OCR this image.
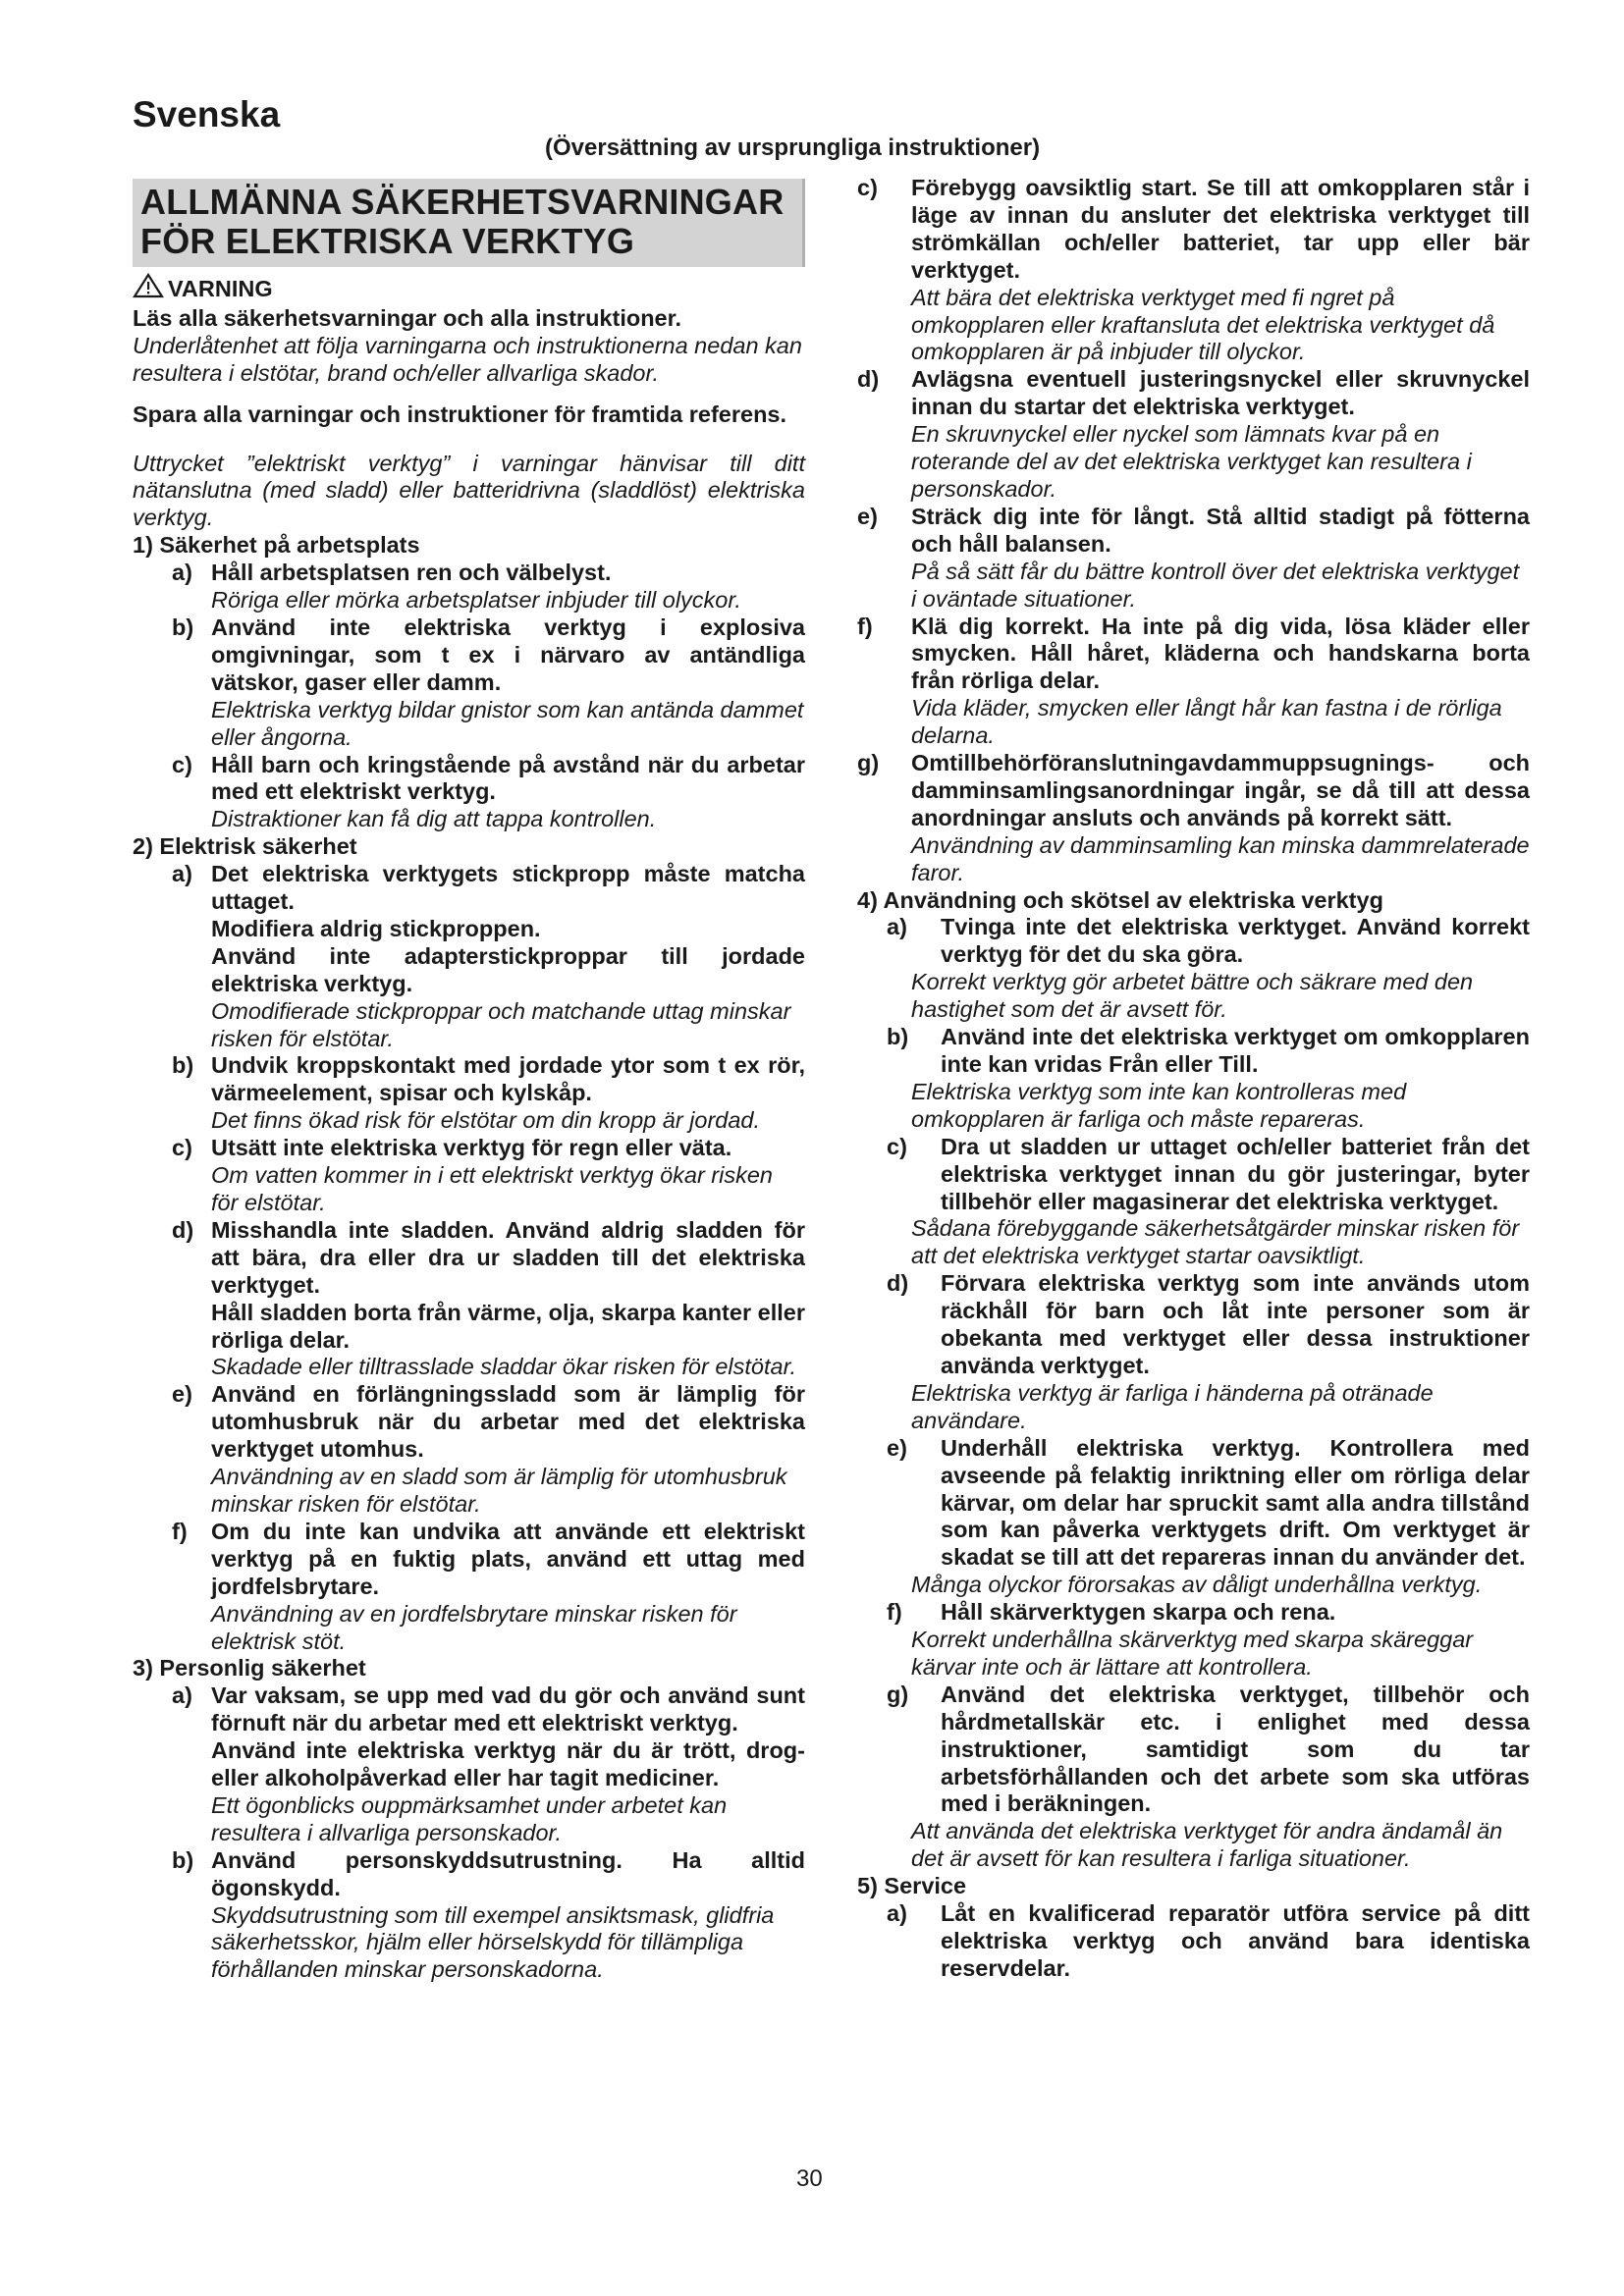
Svenska
(Översättning av ursprungliga instruktioner)
ALLMÄNNA SÄKERHETSVARNINGAR
FÖR ELEKTRISKA VERKTYG
VARNING

Läs alla säkerhetsvarningar och alla instruktioner.

Underlåtenhet att följa varningarna och instruktionerna nedan kan resultera i elstötar, brand och/eller allvarliga skador.

Spara alla varningar och instruktioner för framtida referens.

Uttrycket ”elektriskt verktyg” i varningar hänvisar till ditt nätanslutna (med sladd) eller batteridrivna (sladdlöst) elektriska verktyg.

1) Säkerhet på arbetsplats

a) Håll arbetsplatsen ren och välbelyst.

Röriga eller mörka arbetsplatser inbjuder till olyckor.

b) Använd inte elektriska verktyg i explosiva omgivningar, som t ex i närvaro av antändliga vätskor, gaser eller damm.

Elektriska verktyg bildar gnistor som kan antända dammet eller ångorna.

c) Håll barn och kringstående på avstånd när du arbetar med ett elektriskt verktyg.

Distraktioner kan få dig att tappa kontrollen.

2) Elektrisk säkerhet

a) Det elektriska verktygets stickpropp måste matcha uttaget.

Modifiera aldrig stickproppen.

Använd inte adapterstickproppar till jordade elektriska verktyg.

Omodifierade stickproppar och matchande uttag minskar risken för elstötar.

b) Undvik kroppskontakt med jordade ytor som t ex rör, värmeelement, spisar och kylskåp.

Det finns ökad risk för elstötar om din kropp är jordad.

c) Utsätt inte elektriska verktyg för regn eller väta.

Om vatten kommer in i ett elektriskt verktyg ökar risken för elstötar.

d) Misshandla inte sladden. Använd aldrig sladden för att bära, dra eller dra ur sladden till det elektriska verktyget.

Håll sladden borta från värme, olja, skarpa kanter eller rörliga delar.

Skadade eller tilltrasslade sladdar ökar risken för elstötar.

e) Använd en förlängningssladd som är lämplig för utomhusbruk när du arbetar med det elektriska verktyget utomhus.

Användning av en sladd som är lämplig för utomhusbruk minskar risken för elstötar.

f)	Om du inte kan undvika att använde ett elektriskt verktyg på en fuktig plats, använd ett uttag med jordfelsbrytare.

Användning av en jordfelsbrytare minskar risken för elektrisk stöt.

3) Personlig säkerhet

a) Var vaksam, se upp med vad du gör och använd sunt förnuft när du arbetar med ett elektriskt verktyg.

Använd inte elektriska verktyg när du är trött, drog- eller alkoholpåverkad eller har tagit mediciner.

Ett ögonblicks ouppmärksamhet under arbetet kan resultera i allvarliga personskador.

b) Använd personskyddsutrustning. Ha alltid ögonskydd.

Skyddsutrustning som till exempel ansiktsmask, glidfria säkerhetsskor, hjälm eller hörselskydd för tillämpliga förhållanden minskar personskadorna.

c)	Förebygg oavsiktlig start. Se till att omkopplaren står i läge av innan du ansluter det elektriska verktyget till strömkällan och/eller batteriet, tar upp eller bär verktyget.

Att bära det elektriska verktyget med fi ngret på omkopplaren eller kraftansluta det elektriska verktyget då omkopplaren är på inbjuder till olyckor.

d)	Avlägsna eventuell justeringsnyckel eller skruvnyckel innan du startar det elektriska verktyget.

En skruvnyckel eller nyckel som lämnats kvar på en roterande del av det elektriska verktyget kan resultera i personskador.

e)	Sträck dig inte för långt. Stå alltid stadigt på fötterna och håll balansen.

På så sätt får du bättre kontroll över det elektriska verktyget i oväntade situationer.

f)	Klä dig korrekt. Ha inte på dig vida, lösa kläder eller smycken. Håll håret, kläderna och handskarna borta från rörliga delar.

Vida kläder, smycken eller långt hår kan fastna i de rörliga delarna.

g)	Omtillbehörföranslutningavdammuppsugnings- och damminsamlingsanordningar ingår, se då till att dessa anordningar ansluts och används på korrekt sätt.

Användning av damminsamling kan minska dammrelaterade faror.

4) Användning och skötsel av elektriska verktyg

a)	Tvinga inte det elektriska verktyget. Använd korrekt verktyg för det du ska göra.

Korrekt verktyg gör arbetet bättre och säkrare med den hastighet som det är avsett för.

b)	Använd inte det elektriska verktyget om omkopplaren inte kan vridas Från eller Till.

Elektriska verktyg som inte kan kontrolleras med omkopplaren är farliga och måste repareras.

c)	Dra ut sladden ur uttaget och/eller batteriet från det elektriska verktyget innan du gör justeringar, byter tillbehör eller magasinerar det elektriska verktyget.

Sådana förebyggande säkerhetsåtgärder minskar risken för att det elektriska verktyget startar oavsiktligt.

d)	Förvara elektriska verktyg som inte används utom räckhåll för barn och låt inte personer som är obekanta med verktyget eller dessa instruktioner använda verktyget.

Elektriska verktyg är farliga i händerna på otränade användare.

e)	Underhåll elektriska verktyg. Kontrollera med avseende på felaktig inriktning eller om rörliga delar kärvar, om delar har spruckit samt alla andra tillstånd som kan påverka verktygets drift. Om verktyget är skadat se till att det repareras innan du använder det.

Många olyckor förorsakas av dåligt underhållna verktyg.

f)	Håll skärverktygen skarpa och rena.

Korrekt underhållna skärverktyg med skarpa skäreggar kärvar inte och är lättare att kontrollera.

g)	Använd det elektriska verktyget, tillbehör och hårdmetallskär etc. i enlighet med dessa instruktioner, samtidigt som du tar arbetsförhållanden och det arbete som ska utföras med i beräkningen.

Att använda det elektriska verktyget för andra ändamål än det är avsett för kan resultera i farliga situationer.

5) Service

a)	Låt en kvalificerad reparatör utföra service på ditt elektriska verktyg och använd bara identiska reservdelar.
30
